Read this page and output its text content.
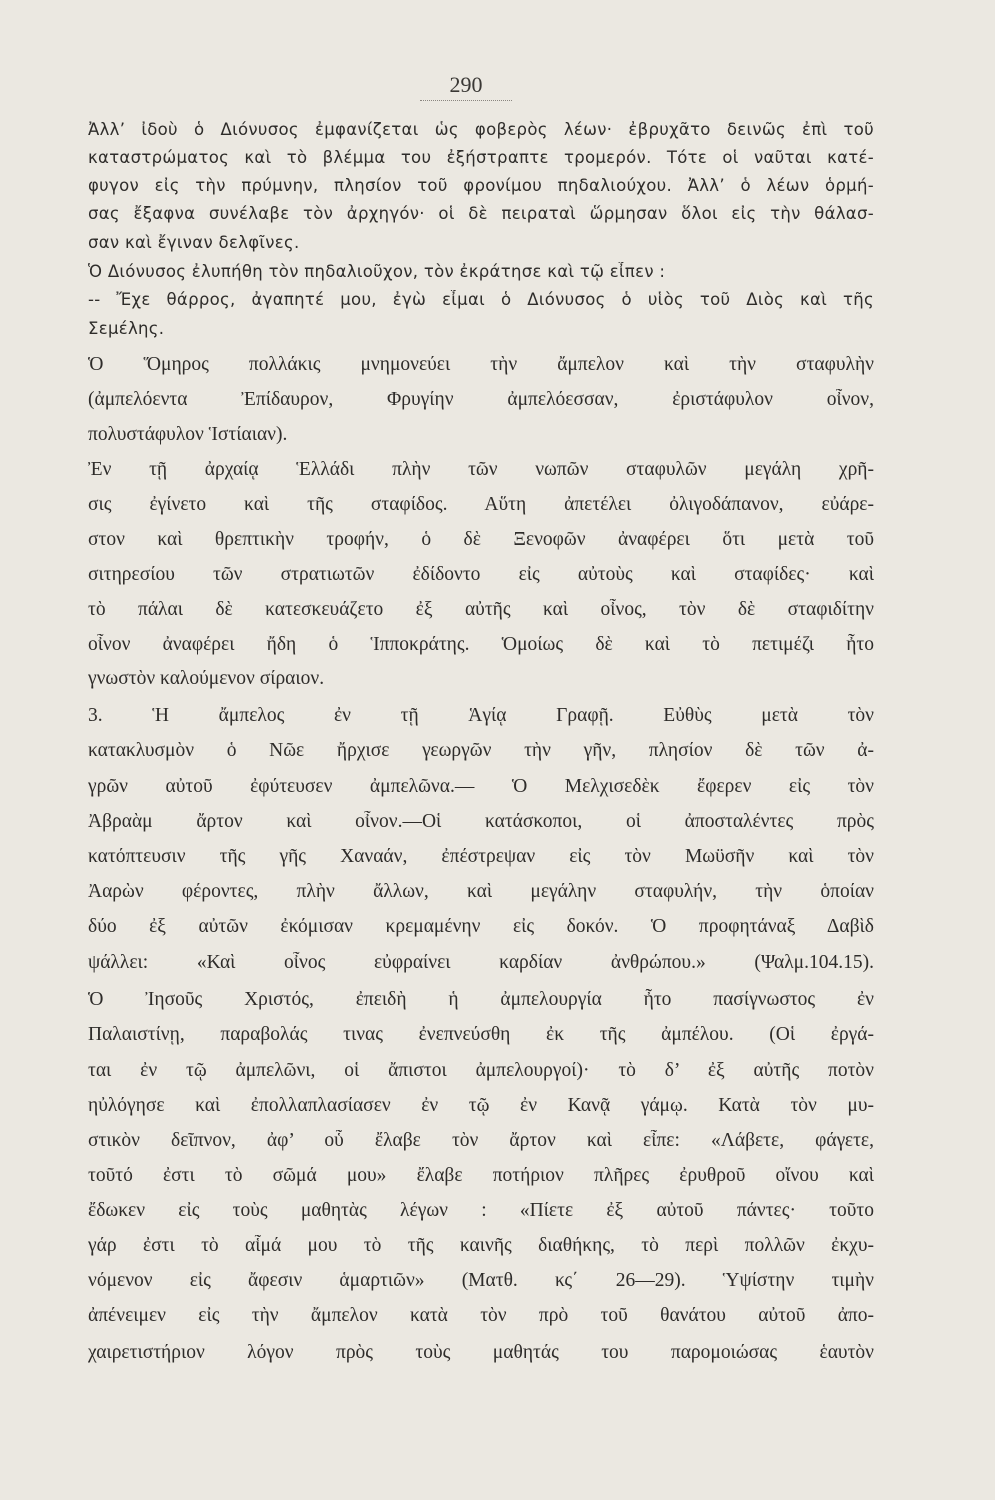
290
Ἀλλ’ ἰδοὺ ὁ Διόνυσος ἐμφανίζεται ὡς φοβερὸς λέων· ἐβρυχᾶτο δεινῶς ἐπὶ τοῦ
καταστρώματος καὶ τὸ βλέμμα του ἐξήστραπτε τρομερόν. Τότε οἱ ναῦται κατέ-
φυγον εἰς τὴν πρύμνην, πλησίον τοῦ φρονίμου πηδαλιούχου. Ἀλλ’ ὁ λέων ὁρμή-
σας ἔξαφνα συνέλαβε τὸν ἀρχηγόν· οἱ δὲ πειραταὶ ὥρμησαν ὅλοι εἰς τὴν θάλασ-
σαν καὶ ἔγιναν δελφῖνες.
Ὁ Διόνυσος ἐλυπήθη τὸν πηδαλιοῦχον, τὸν ἐκράτησε καὶ τῷ εἶπεν :
-- Ἔχε θάρρος, ἀγαπητέ μου, ἐγὼ εἶμαι ὁ Διόνυσος ὁ υἱὸς τοῦ Διὸς καὶ τῆς
Σεμέλης.
Ὁ Ὅμηρος πολλάκις μνημονεύει τὴν ἄμπελον καὶ τὴν σταφυλὴν
(ἀμπελόεντα Ἐπίδαυρον, Φρυγίην ἀμπελόεσσαν, ἐριστάφυλον οἶνον,
πολυστάφυλον Ἱστίαιαν).
Ἐν τῇ ἀρχαίᾳ Ἑλλάδι πλὴν τῶν νωπῶν σταφυλῶν μεγάλη χρῆ-
σις ἐγίνετο καὶ τῆς σταφίδος. Αὕτη ἀπετέλει ὀλιγοδάπανον, εὐάρε-
στον καὶ θρεπτικὴν τροφήν, ὁ δὲ Ξενοφῶν ἀναφέρει ὅτι μετὰ τοῦ
σιτηρεσίου τῶν στρατιωτῶν ἐδίδοντο εἰς αὐτοὺς καὶ σταφίδες· καὶ
τὸ πάλαι δὲ κατεσκευάζετο ἐξ αὐτῆς καὶ οἶνος, τὸν δὲ σταφιδίτην
οἶνον ἀναφέρει ἤδη ὁ Ἱπποκράτης. Ὁμοίως δὲ καὶ τὸ πετιμέζι ἦτο
γνωστὸν καλούμενον σίραιον.
3. Ἡ ἄμπελος ἐν τῇ Ἁγίᾳ Γραφῇ. Εὐθὺς μετὰ τὸν
κατακλυσμὸν ὁ Νῶε ἤρχισε γεωργῶν τὴν γῆν, πλησίον δὲ τῶν ἀ-
γρῶν αὐτοῦ ἐφύτευσεν ἀμπελῶνα.— Ὁ Μελχισεδὲκ ἔφερεν εἰς τὸν
Ἀβραὰμ ἄρτον καὶ οἶνον.—Οἱ κατάσκοποι, οἱ ἀποσταλέντες πρὸς
κατόπτευσιν τῆς γῆς Χαναάν, ἐπέστρεψαν εἰς τὸν Μωϋσῆν καὶ τὸν
Ἀαρὼν φέροντες, πλὴν ἄλλων, καὶ μεγάλην σταφυλήν, τὴν ὁποίαν
δύο ἐξ αὐτῶν ἐκόμισαν κρεμαμένην εἰς δοκόν. Ὁ προφητάναξ Δαβὶδ
ψάλλει: «Καὶ οἶνος εὐφραίνει καρδίαν ἀνθρώπου.» (Ψαλμ.104.15).
Ὁ Ἰησοῦς Χριστός, ἐπειδὴ ἡ ἀμπελουργία ἦτο πασίγνωστος ἐν
Παλαιστίνῃ, παραβολάς τινας ἐνεπνεύσθη ἐκ τῆς ἀμπέλου. (Οἱ ἐργά-
ται ἐν τῷ ἀμπελῶνι, οἱ ἄπιστοι ἀμπελουργοί)· τὸ δ’ ἐξ αὐτῆς ποτὸν
ηὐλόγησε καὶ ἐπολλαπλασίασεν ἐν τῷ ἐν Κανᾷ γάμῳ. Κατὰ τὸν μυ-
στικὸν δεῖπνον, ἀφ’ οὗ ἔλαβε τὸν ἄρτον καὶ εἶπε: «Λάβετε, φάγετε,
τοῦτό ἐστι τὸ σῶμά μου» ἔλαβε ποτήριον πλῆρες ἐρυθροῦ οἴνου καὶ
ἔδωκεν εἰς τοὺς μαθητὰς λέγων : «Πίετε ἐξ αὐτοῦ πάντες· τοῦτο
γάρ ἐστι τὸ αἷμά μου τὸ τῆς καινῆς διαθήκης, τὸ περὶ πολλῶν ἐκχυ-
νόμενον εἰς ἄφεσιν ἁμαρτιῶν» (Ματθ. κς΄ 26—29). Ὑψίστην τιμὴν
ἀπένειμεν εἰς τὴν ἄμπελον κατὰ τὸν πρὸ τοῦ θανάτου αὐτοῦ ἀπο-
χαιρετιστήριον λόγον πρὸς τοὺς μαθητάς του παρομοιώσας ἑαυτὸν
